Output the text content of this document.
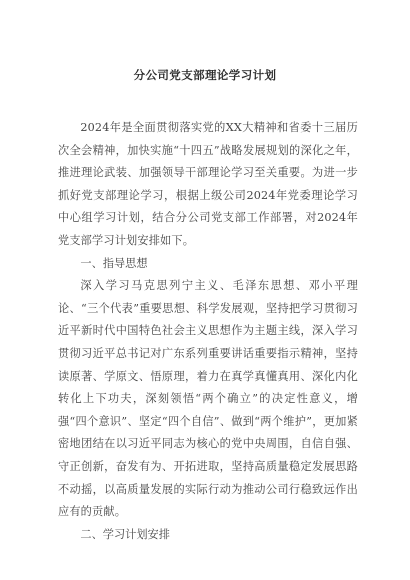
分公司党支部理论学习计划

2024年是全面贯彻落实党的XX大精神和省委十三届历次全会精神，加快实施“十四五”战略发展规划的深化之年，推进理论武装、加强领导干部理论学习至关重要。为进一步抓好党支部理论学习，根据上级公司2024年党委理论学习中心组学习计划，结合分公司党支部工作部署，对2024年党支部学习计划安排如下。

一、指导思想

深入学习马克思列宁主义、毛泽东思想、邓小平理论、“三个代表”重要思想、科学发展观，坚持把学习贯彻习近平新时代中国特色社会主义思想作为主题主线，深入学习贯彻习近平总书记对广东系列重要讲话重要指示精神，坚持读原著、学原文、悟原理，着力在真学真懂真用、深化内化转化上下功夫，深刻领悟“两个确立”的决定性意义，增强“四个意识”、坚定“四个自信”、做到“两个维护”，更加紧密地团结在以习近平同志为核心的党中央周围，自信自强、守正创新，奋发有为、开拓进取，坚持高质量稳定发展思路不动摇，以高质量发展的实际行动为推动公司行稳致远作出应有的贡献。

二、学习计划安排
